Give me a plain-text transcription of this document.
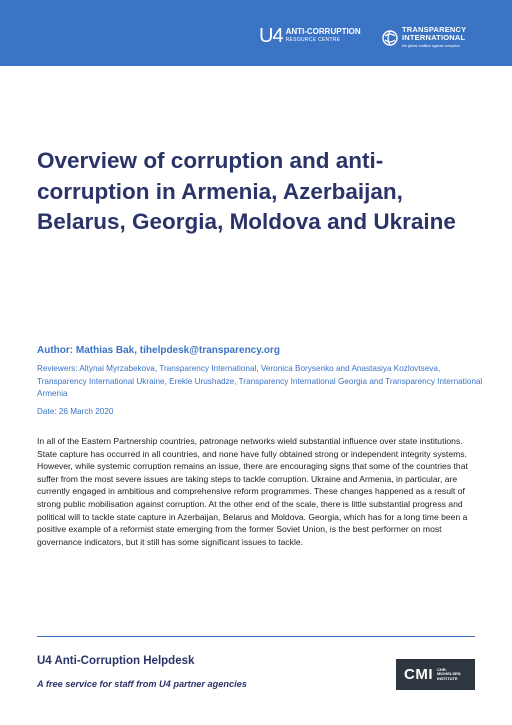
U4 ANTI-CORRUPTION
RESOURCE CENTRE
TRANSPARENCY
INTERNATIONAL
the global coalition against corruption
Overview of corruption and anti-corruption in Armenia, Azerbaijan, Belarus, Georgia, Moldova and Ukraine
Author: Mathias Bak, tihelpdesk@transparency.org
Reviewers: Altynai Myrzabekova, Transparency International, Veronica Borysenko and Anastasiya Kozlovtseva, Transparency International Ukraine, Erekle Urushadze, Transparency International Georgia and Transparency International Armenia
Date: 26 March 2020
In all of the Eastern Partnership countries, patronage networks wield substantial influence over state institutions. State capture has occurred in all countries, and none have fully obtained strong or independent integrity systems. However, while systemic corruption remains an issue, there are encouraging signs that some of the countries that suffer from the most severe issues are taking steps to tackle corruption. Ukraine and Armenia, in particular, are currently engaged in ambitious and comprehensive reform programmes. These changes happened as a result of strong public mobilisation against corruption. At the other end of the scale, there is little substantial progress and political will to tackle state capture in Azerbaijan, Belarus and Moldova. Georgia, which has for a long time been a positive example of a reformist state emerging from the former Soviet Union, is the best performer on most governance indicators, but it still has some significant issues to tackle.
U4 Anti-Corruption Helpdesk
A free service for staff from U4 partner agencies
CMI CHR.
MICHELSEN
INSTITUTE
